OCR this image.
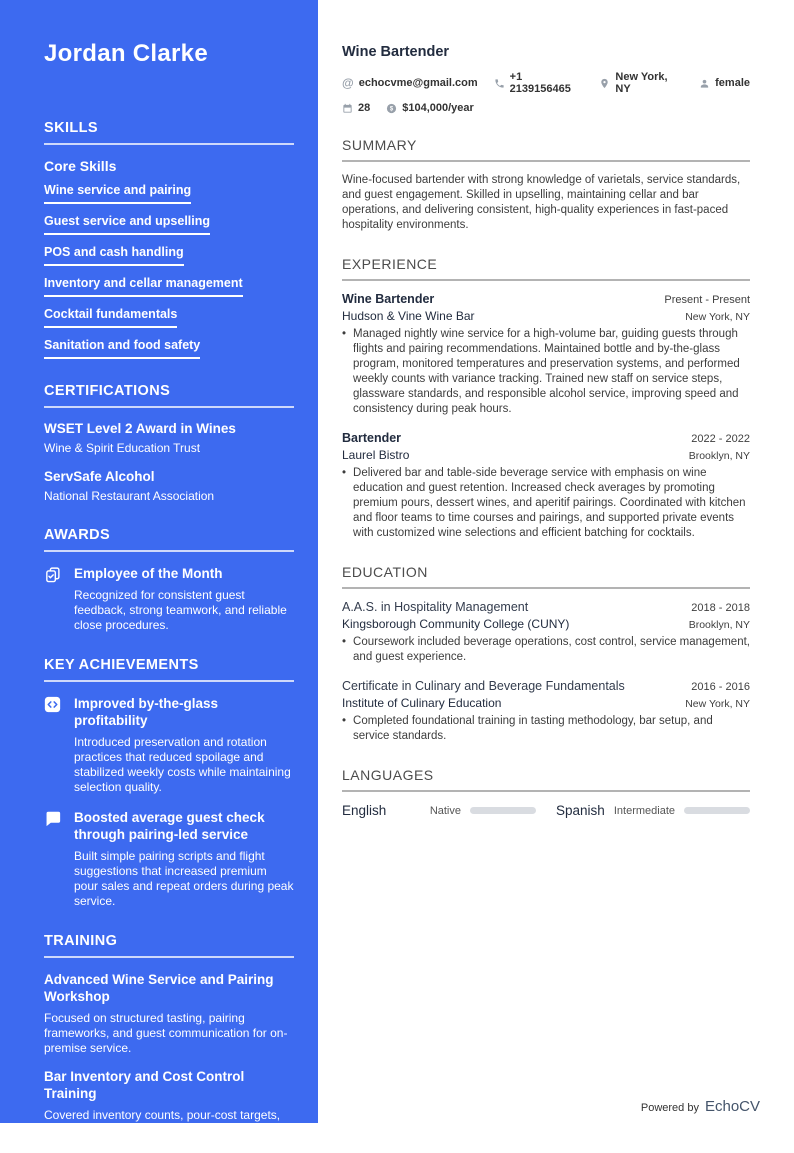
Jordan Clarke
SKILLS
Core Skills
Wine service and pairing
Guest service and upselling
POS and cash handling
Inventory and cellar management
Cocktail fundamentals
Sanitation and food safety
CERTIFICATIONS
WSET Level 2 Award in Wines
Wine & Spirit Education Trust
ServSafe Alcohol
National Restaurant Association
AWARDS
Employee of the Month
Recognized for consistent guest feedback, strong teamwork, and reliable close procedures.
KEY ACHIEVEMENTS
Improved by-the-glass profitability
Introduced preservation and rotation practices that reduced spoilage and stabilized weekly costs while maintaining selection quality.
Boosted average guest check through pairing-led service
Built simple pairing scripts and flight suggestions that increased premium pour sales and repeat orders during peak service.
TRAINING
Advanced Wine Service and Pairing Workshop
Focused on structured tasting, pairing frameworks, and guest communication for on-premise service.
Bar Inventory and Cost Control Training
Covered inventory counts, pour-cost targets, variance investigation, and ordering cadence for beverage programs.
Wine Bartender
@ echocvme@gmail.com	+1 2139156465
New York, NY	female
28 $ $104,000/year
SUMMARY

Wine-focused bartender with strong knowledge of varietals, service standards, and guest engagement. Skilled in upselling, maintaining cellar and bar operations, and delivering consistent, high-quality experiences in fast-paced hospitality environments.

EXPERIENCE
Wine Bartender	Present - Present
Hudson & Vine Wine Bar	New York, NY
• Managed nightly wine service for a high-volume bar, guiding guests through flights and pairing recommendations. Maintained bottle and by-the-glass program, monitored temperatures and preservation systems, and performed weekly counts with variance tracking. Trained new staff on service steps, glassware standards, and responsible alcohol service, improving speed and consistency during peak hours.
Bartender	2022 - 2022
Laurel Bistro	Brooklyn, NY
• Delivered bar and table-side beverage service with emphasis on wine education and guest retention. Increased check averages by promoting premium pours, dessert wines, and aperitif pairings. Coordinated with kitchen and floor teams to time courses and pairings, and supported private events with customized wine selections and efficient batching for cocktails.
EDUCATION
A.A.S. in Hospitality Management	2018 - 2018
Kingsborough Community College (CUNY)	Brooklyn, NY
• Coursework included beverage operations, cost control, service management, and guest experience.
Certificate in Culinary and Beverage Fundamentals	2016 - 2016
Institute of Culinary Education	New York, NY
• Completed foundational training in tasting methodology, bar setup, and service standards.
LANGUAGES
English	Native	Spanish Intermediate
Powered by EchoCV
